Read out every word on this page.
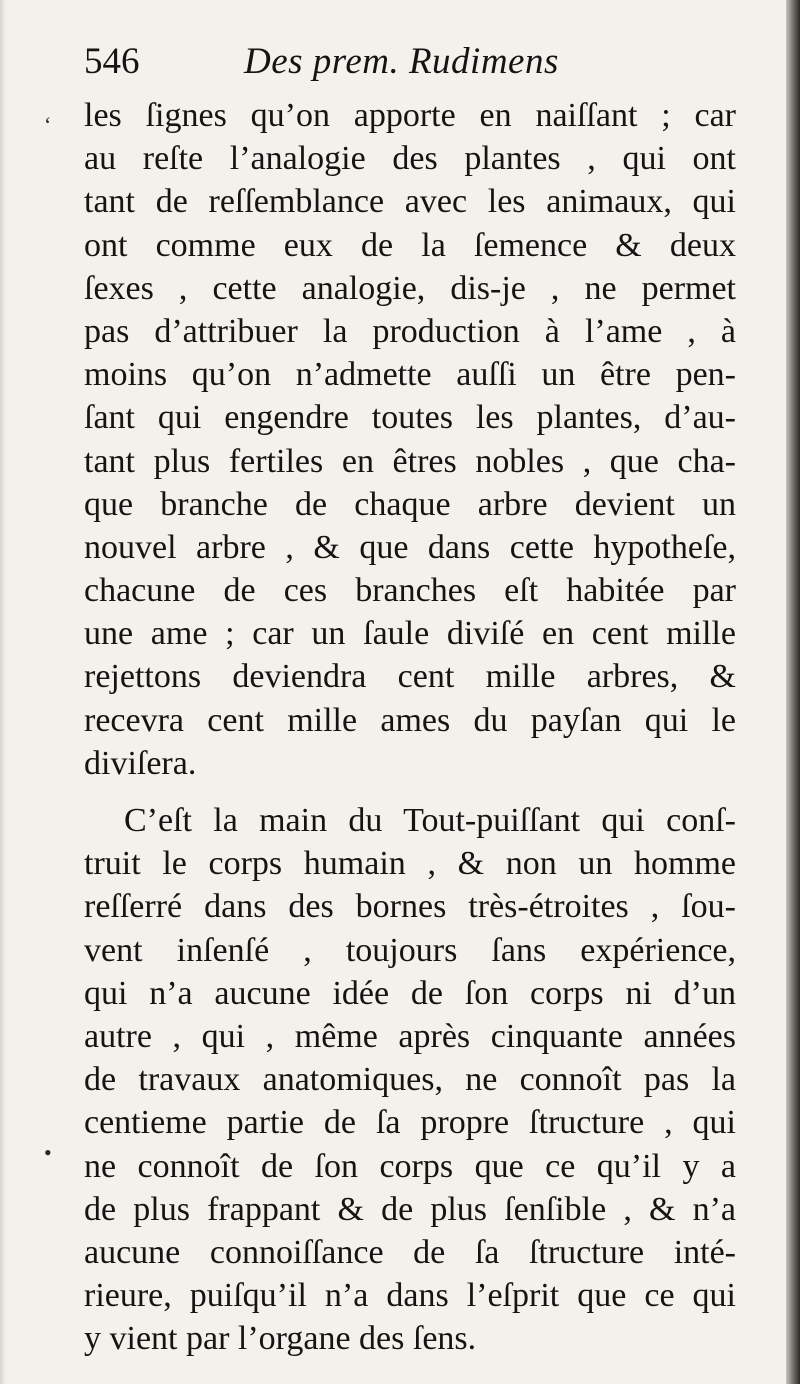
546	Des prem. Rudimens
‘
•
les ſignes qu’on apporte en naiſſant ; car
au reſte l’analogie des plantes , qui ont
tant de reſſemblance avec les animaux, qui
ont comme eux de la ſemence & deux
ſexes , cette analogie, dis-je , ne permet
pas d’attribuer la production à l’ame , à
moins qu’on n’admette auſſi un être pen-
ſant qui engendre toutes les plantes, d’au-
tant plus fertiles en êtres nobles , que cha-
que branche de chaque arbre devient un
nouvel arbre , & que dans cette hypotheſe,
chacune de ces branches eſt habitée par
une ame ; car un ſaule diviſé en cent mille
rejettons deviendra cent mille arbres, &
recevra cent mille ames du payſan qui le
diviſera.
C’eſt la main du Tout-puiſſant qui conſ-
truit le corps humain , & non un homme
reſſerré dans des bornes très-étroites , ſou-
vent inſenſé , toujours ſans expérience,
qui n’a aucune idée de ſon corps ni d’un
autre , qui , même après cinquante années
de travaux anatomiques, ne connoît pas la
centieme partie de ſa propre ſtructure , qui
ne connoît de ſon corps que ce qu’il y a
de plus frappant & de plus ſenſible , & n’a
aucune connoiſſance de ſa ſtructure inté-
rieure, puiſqu’il n’a dans l’eſprit que ce qui
y vient par l’organe des ſens.
